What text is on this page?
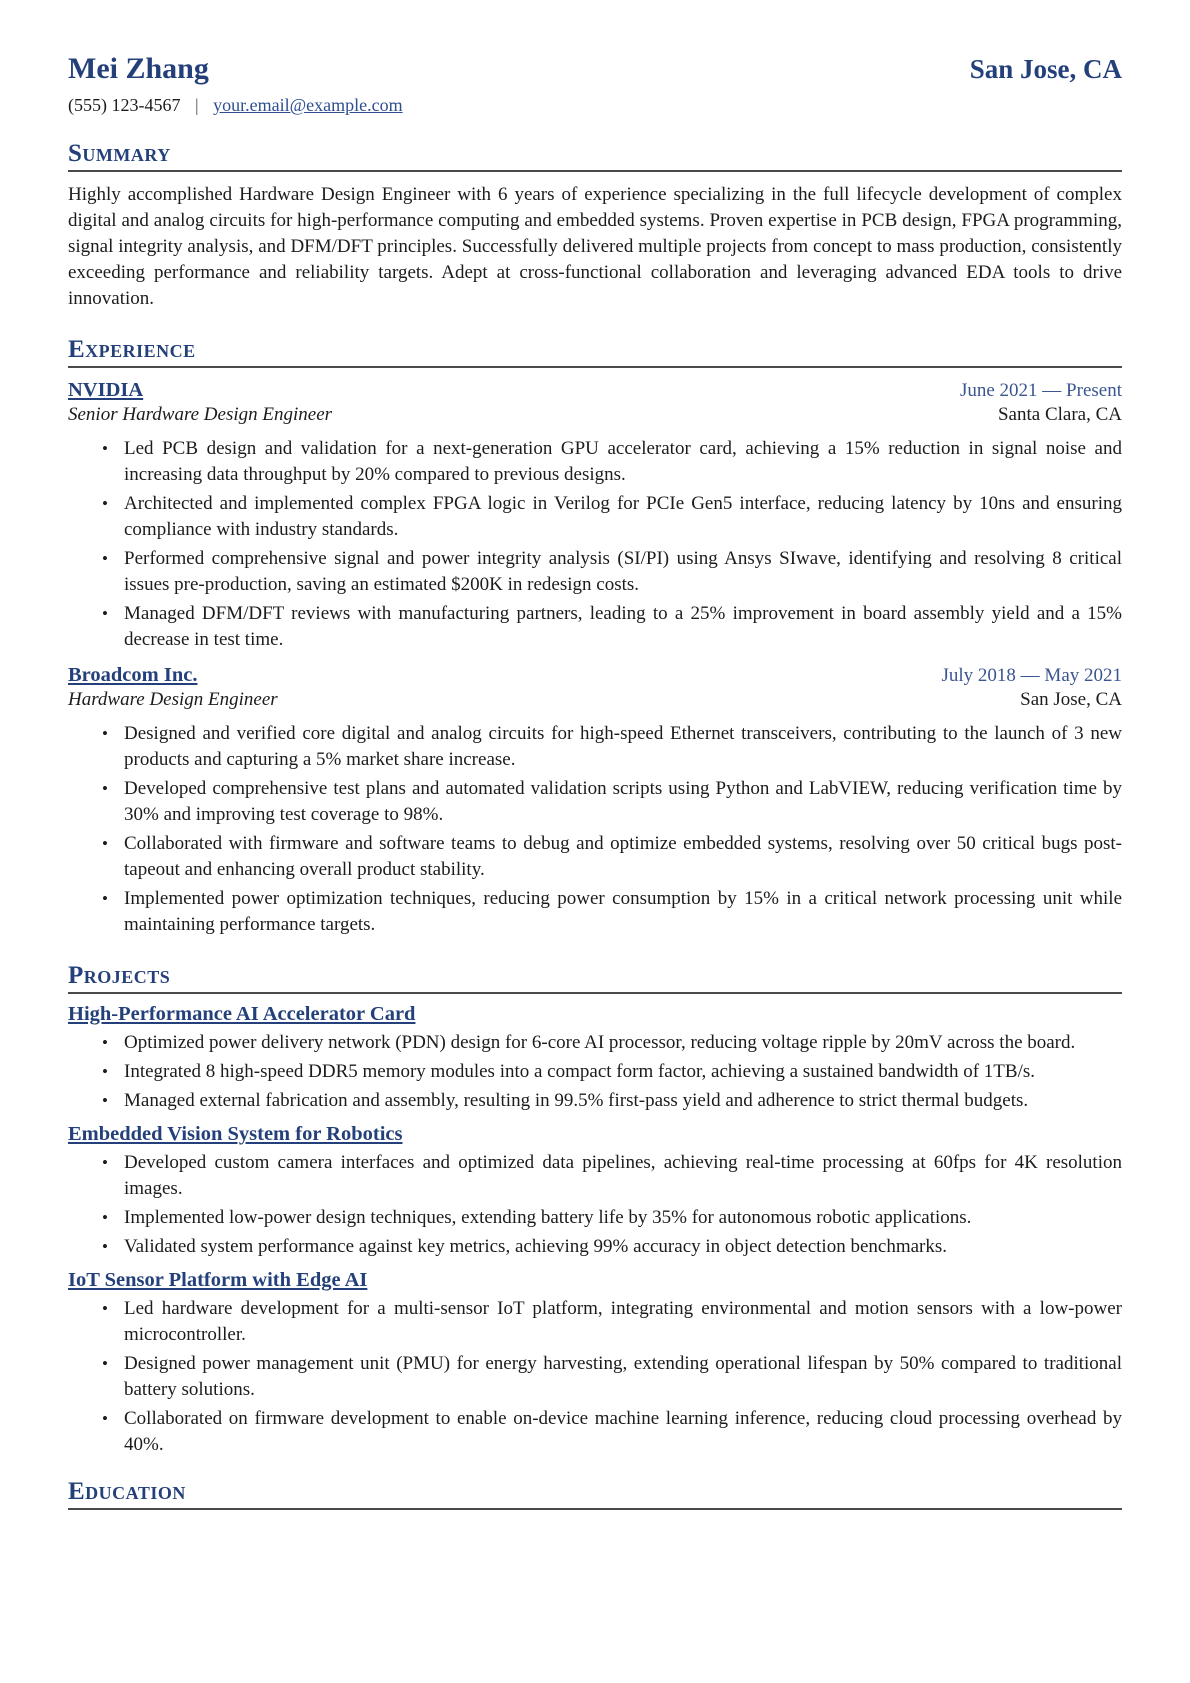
Mei Zhang	San Jose, CA
(555) 123-4567 | your.email@example.com
Summary

Highly accomplished Hardware Design Engineer with 6 years of experience specializing in the full lifecycle development of complex digital and analog circuits for high-performance computing and embedded systems. Proven expertise in PCB design, FPGA programming, signal integrity analysis, and DFM/DFT principles. Successfully delivered multiple projects from concept to mass production, consistently exceeding performance and reliability targets. Adept at cross-functional collaboration and leveraging advanced EDA tools to drive innovation.

Experience
NVIDIA	June 2021 — Present
Senior Hardware Design Engineer	Santa Clara, CA
• Led PCB design and validation for a next-generation GPU accelerator card, achieving a 15% reduction in signal noise and increasing data throughput by 20% compared to previous designs.
• Architected and implemented complex FPGA logic in Verilog for PCIe Gen5 interface, reducing latency by 10ns and ensuring compliance with industry standards.
• Performed comprehensive signal and power integrity analysis (SI/PI) using Ansys SIwave, identifying and resolving 8 critical issues pre-production, saving an estimated $200K in redesign costs.
• Managed DFM/DFT reviews with manufacturing partners, leading to a 25% improvement in board assembly yield and a 15% decrease in test time.
Broadcom Inc.	July 2018 — May 2021
Hardware Design Engineer	San Jose, CA
• Designed and verified core digital and analog circuits for high-speed Ethernet transceivers, contributing to the launch of 3 new products and capturing a 5% market share increase.
• Developed comprehensive test plans and automated validation scripts using Python and LabVIEW, reducing verification time by 30% and improving test coverage to 98%.
• Collaborated with firmware and software teams to debug and optimize embedded systems, resolving over 50 critical bugs post-tapeout and enhancing overall product stability.
• Implemented power optimization techniques, reducing power consumption by 15% in a critical network processing unit while maintaining performance targets.
Projects
High-Performance AI Accelerator Card
• Optimized power delivery network (PDN) design for 6-core AI processor, reducing voltage ripple by 20mV across the board.
• Integrated 8 high-speed DDR5 memory modules into a compact form factor, achieving a sustained bandwidth of 1TB/s.
• Managed external fabrication and assembly, resulting in 99.5% first-pass yield and adherence to strict thermal budgets.
Embedded Vision System for Robotics
• Developed custom camera interfaces and optimized data pipelines, achieving real-time processing at 60fps for 4K resolution images.
• Implemented low-power design techniques, extending battery life by 35% for autonomous robotic applications.
• Validated system performance against key metrics, achieving 99% accuracy in object detection benchmarks.
IoT Sensor Platform with Edge AI
• Led hardware development for a multi-sensor IoT platform, integrating environmental and motion sensors with a low-power microcontroller.
• Designed power management unit (PMU) for energy harvesting, extending operational lifespan by 50% compared to traditional battery solutions.
• Collaborated on firmware development to enable on-device machine learning inference, reducing cloud processing overhead by 40%.
Education
